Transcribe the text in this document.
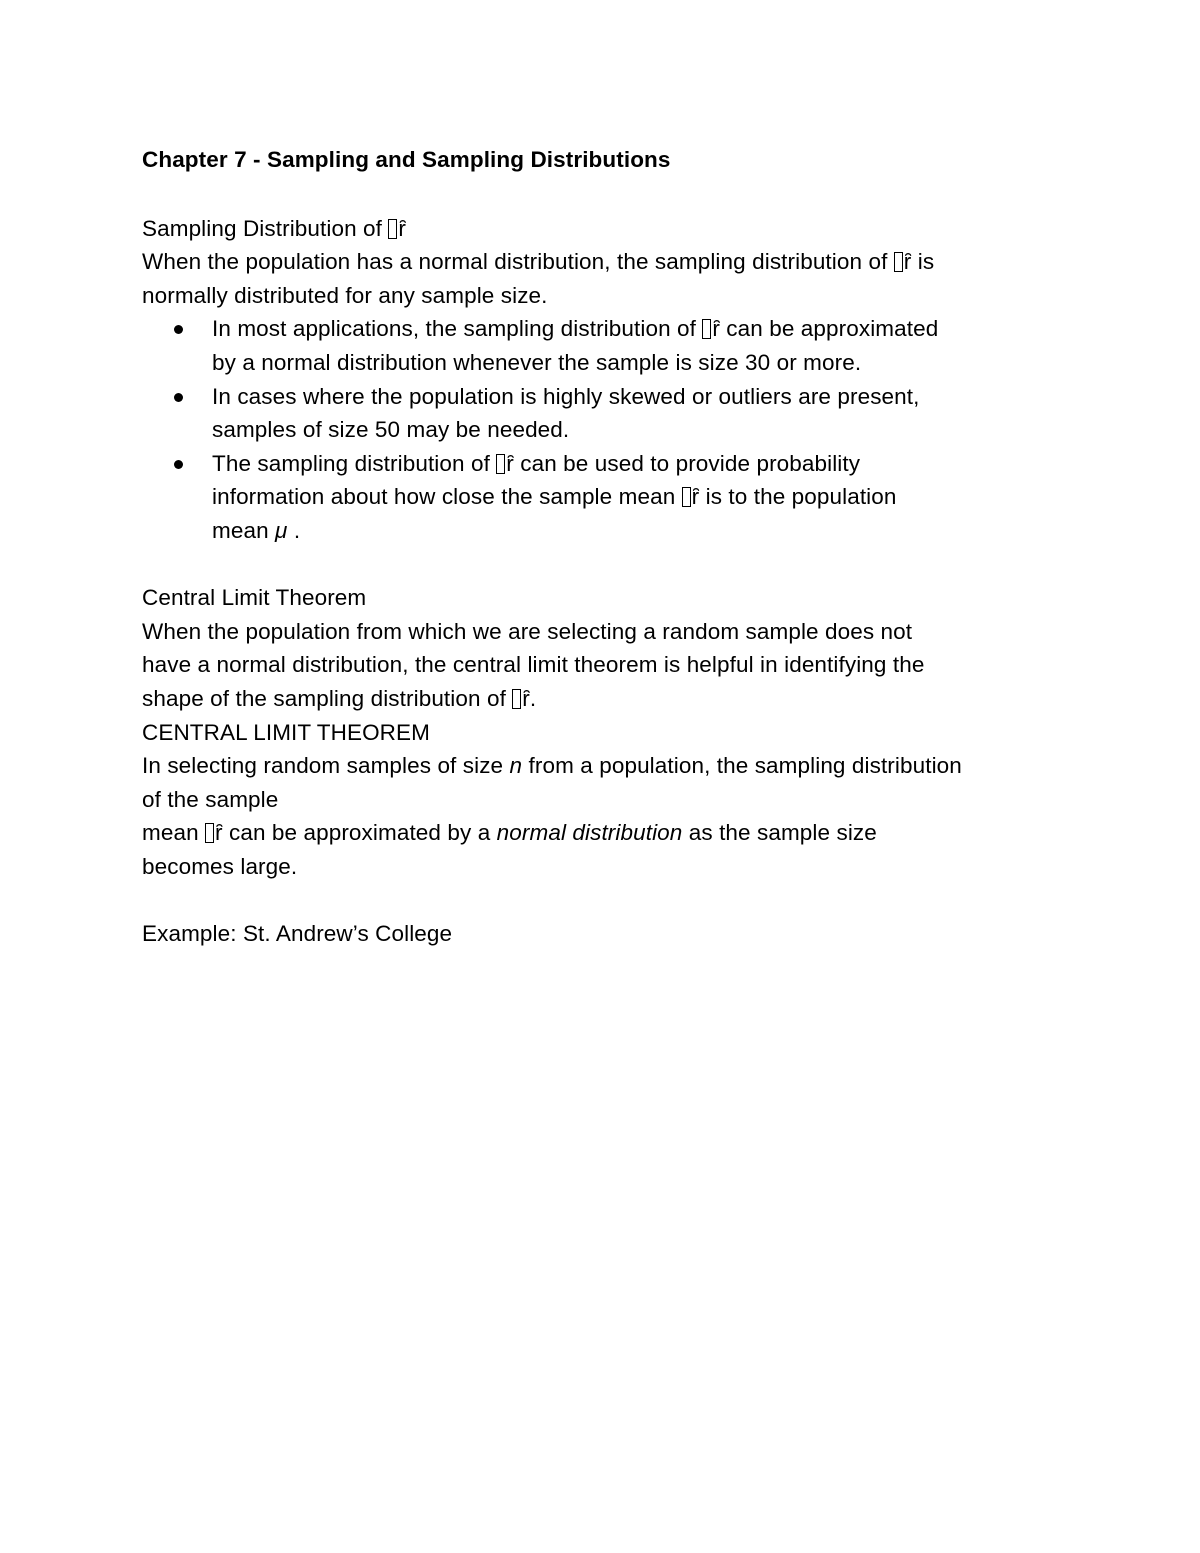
Chapter 7 - Sampling and Sampling Distributions
Sampling Distribution of ȓ
When the population has a normal distribution, the sampling distribution of ȓ is
normally distributed for any sample size.
In most applications, the sampling distribution of ȓ can be approximated
by a normal distribution whenever the sample is size 30 or more.
In cases where the population is highly skewed or outliers are present,
samples of size 50 may be needed.
The sampling distribution of ȓ can be used to provide probability
information about how close the sample mean ȓ is to the population
mean μ .
Central Limit Theorem
When the population from which we are selecting a random sample does not
have a normal distribution, the central limit theorem is helpful in identifying the
shape of the sampling distribution of ȓ.
CENTRAL LIMIT THEOREM
In selecting random samples of size n from a population, the sampling distribution
of the sample
mean ȓ can be approximated by a normal distribution as the sample size
becomes large.
Example: St. Andrew’s College
